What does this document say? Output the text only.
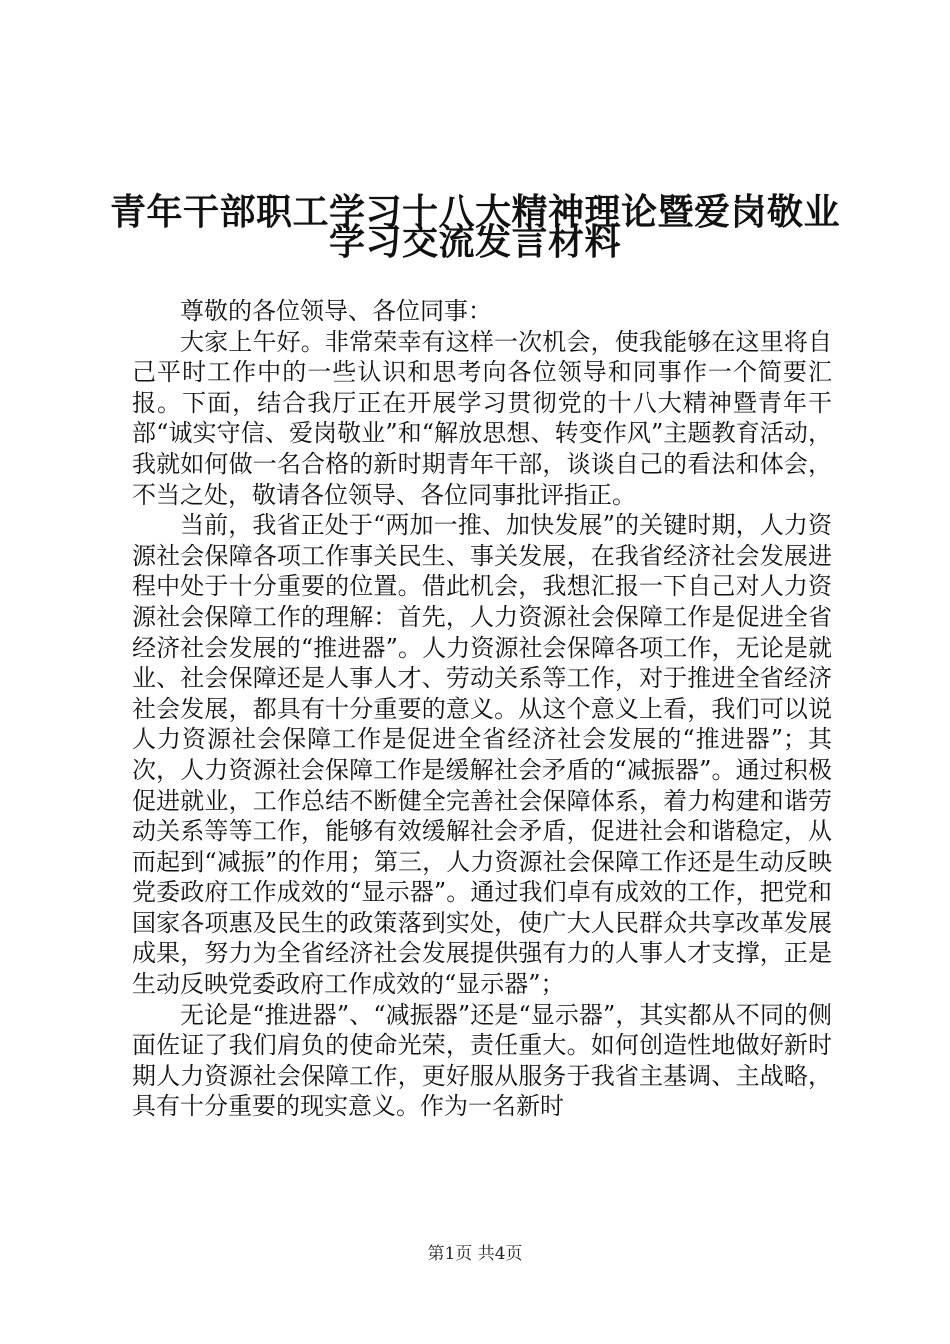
青年干部职工学习十八大精神理论暨爱岗敬业
学习交流发言材料

尊敬的各位领导、各位同事：

大家上午好。非常荣幸有这样一次机会，使我能够在这里将自己平时工作中的一些认识和思考向各位领导和同事作一个简要汇报。下面，结合我厅正在开展学习贯彻党的十八大精神暨青年干部“诚实守信、爱岗敬业”和“解放思想、转变作风”主题教育活动，我就如何做一名合格的新时期青年干部，谈谈自己的看法和体会，不当之处，敬请各位领导、各位同事批评指正。

当前，我省正处于“两加一推、加快发展”的关键时期，人力资源社会保障各项工作事关民生、事关发展，在我省经济社会发展进程中处于十分重要的位置。借此机会，我想汇报一下自己对人力资源社会保障工作的理解：首先，人力资源社会保障工作是促进全省经济社会发展的“推进器”。人力资源社会保障各项工作，无论是就业、社会保障还是人事人才、劳动关系等工作，对于推进全省经济社会发展，都具有十分重要的意义。从这个意义上看，我们可以说人力资源社会保障工作是促进全省经济社会发展的“推进器”；其次，人力资源社会保障工作是缓解社会矛盾的“减振器”。通过积极促进就业，工作总结不断健全完善社会保障体系，着力构建和谐劳动关系等等工作，能够有效缓解社会矛盾，促进社会和谐稳定，从而起到“减振”的作用；第三，人力资源社会保障工作还是生动反映党委政府工作成效的“显示器”。通过我们卓有成效的工作，把党和国家各项惠及民生的政策落到实处，使广大人民群众共享改革发展成果，努力为全省经济社会发展提供强有力的人事人才支撑，正是生动反映党委政府工作成效的“显示器”；

无论是“推进器”、“减振器”还是“显示器”，其实都从不同的侧面佐证了我们肩负的使命光荣，责任重大。如何创造性地做好新时期人力资源社会保障工作，更好服从服务于我省主基调、主战略，具有十分重要的现实意义。作为一名新时

第1页 共4页
